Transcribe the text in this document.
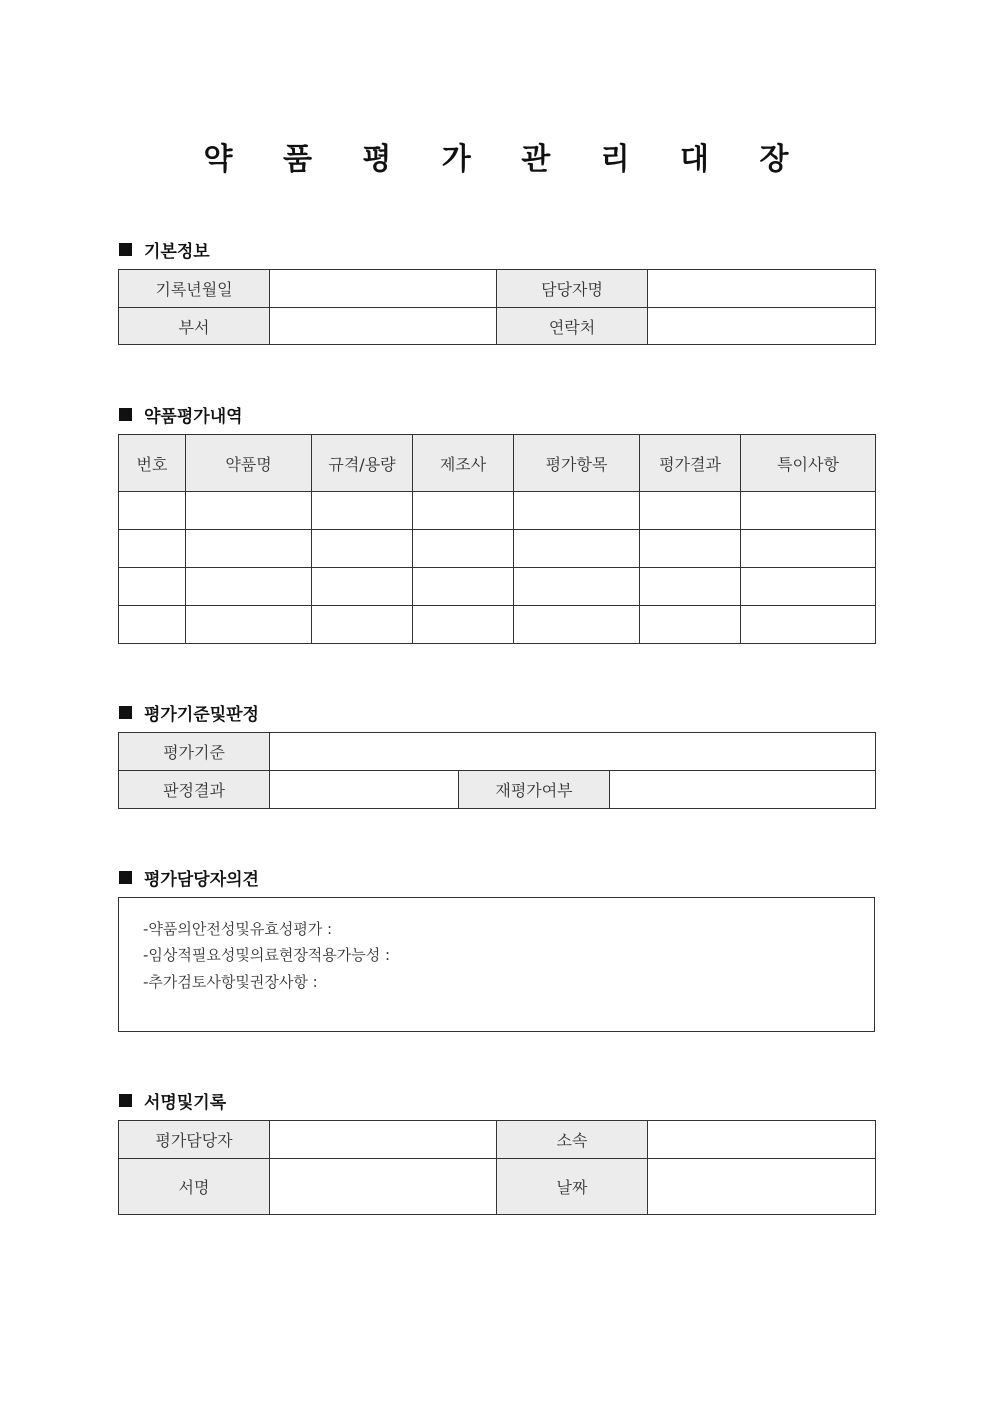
약 품 평 가 관 리 대 장
기본정보
기록년월일		담당자명	
부서		연락처	
약품평가내역
번호	약품명	규격/용량	제조사	평가항목	평가결과	특이사항

평가기준및판정
평가기준			
판정결과		재평가여부	
평가담당자의견
-약품의안전성및유효성평가 :
-임상적필요성및의료현장적용가능성 :
-추가검토사항및권장사항 :
서명및기록
평가담당자		소속	
서명		날짜	
